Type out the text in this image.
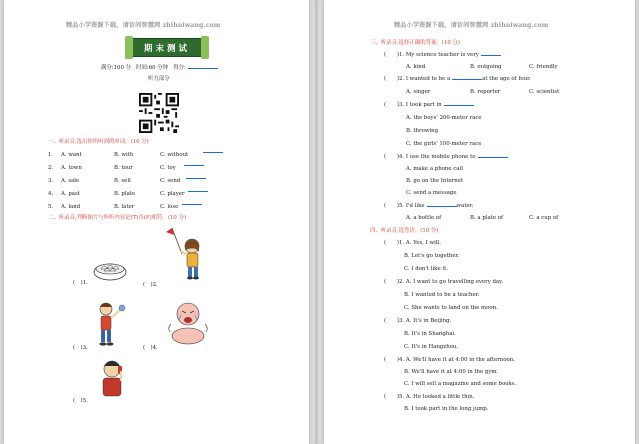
精品小学资源下载，请访问智慧网 zhihuiwang.com
期末测试
满分:100 分 时间:60 分钟 得分:
听力部分
一、听录音,选出你所听到的单词。(10 分)
1. A. want	B. with	C. without
2. A. town	B. tour	C. toy
3. A. sale	B. sell	C. send
4. A. past	B. plate	C. player
5. A. land	B. later	C. lose
二、听录音,判断图片与所听内容是(T)否(F)相符。(10 分)
(　)1.	(　)2.
(　)3.	(　)4.
(　)5.
精品小学资源下载，请访问智慧网 zhihuiwang.com
三、听录音,选择正确的答案。(10 分)
(　　)1. My science teacher is very
A. kind	B. outgoing	C. friendly
(　　)2. I wanted to be a	at the age of four.
A. singer	B. reporter	C. scientist
(　　)3. I took part in
A. the boys' 200-meter race
B. throwing
C. the girls' 100-meter race
(　　)4. I use the mobile phone to
A. make a phone call
B. go on the Internet
C. send a message
(　　)5. I'd like	water.
A. a bottle of	B. a plate of	C. a cup of
四、听录音,选答语。(10 分)
(　　)1. A. Yes, I will.
B. Let's go together.
C. I don't like it.
(　　)2. A. I want to go travelling every day.
B. I wanted to be a teacher.
C. She wants to land on the moon.
(　　)3. A. It's in Beijing.
B. It's in Shanghai.
C. It's in Hangzhou.
(　　)4. A. We'll have it at 4:00 in the afternoon.
B. We'll have it at 4:00 in the gym.
C. I will sell a magazine and some books.
(　　)5. A. He looked a little thin.
B. I took part in the long jump.
